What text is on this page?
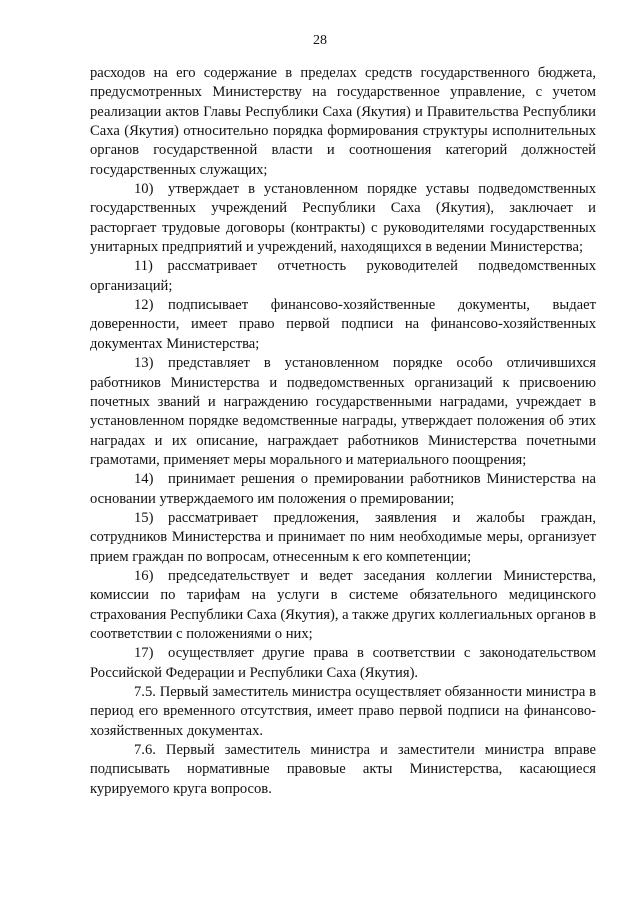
28

расходов на его содержание в пределах средств государственного бюджета, предусмотренных Министерству на государственное управление, с учетом реализации актов Главы Республики Саха (Якутия) и Правительства Республики Саха (Якутия) относительно порядка формирования структуры исполнительных органов государственной власти и соотношения категорий должностей государственных служащих;

10) утверждает в установленном порядке уставы подведомственных государственных учреждений Республики Саха (Якутия), заключает и расторгает трудовые договоры (контракты) с руководителями государственных унитарных предприятий и учреждений, находящихся в ведении Министерства;

11) рассматривает отчетность руководителей подведомственных организаций;

12) подписывает финансово-хозяйственные документы, выдает доверенности, имеет право первой подписи на финансово-хозяйственных документах Министерства;

13) представляет в установленном порядке особо отличившихся работников Министерства и подведомственных организаций к присвоению почетных званий и награждению государственными наградами, учреждает в установленном порядке ведомственные награды, утверждает положения об этих наградах и их описание, награждает работников Министерства почетными грамотами, применяет меры морального и материального поощрения;

14) принимает решения о премировании работников Министерства на основании утверждаемого им положения о премировании;

15) рассматривает предложения, заявления и жалобы граждан, сотрудников Министерства и принимает по ним необходимые меры, организует прием граждан по вопросам, отнесенным к его компетенции;

16) председательствует и ведет заседания коллегии Министерства, комиссии по тарифам на услуги в системе обязательного медицинского страхования Республики Саха (Якутия), а также других коллегиальных органов в соответствии с положениями о них;

17) осуществляет другие права в соответствии с законодательством Российской Федерации и Республики Саха (Якутия).

7.5. Первый заместитель министра осуществляет обязанности министра в период его временного отсутствия, имеет право первой подписи на финансово-хозяйственных документах.

7.6. Первый заместитель министра и заместители министра вправе подписывать нормативные правовые акты Министерства, касающиеся курируемого круга вопросов.
